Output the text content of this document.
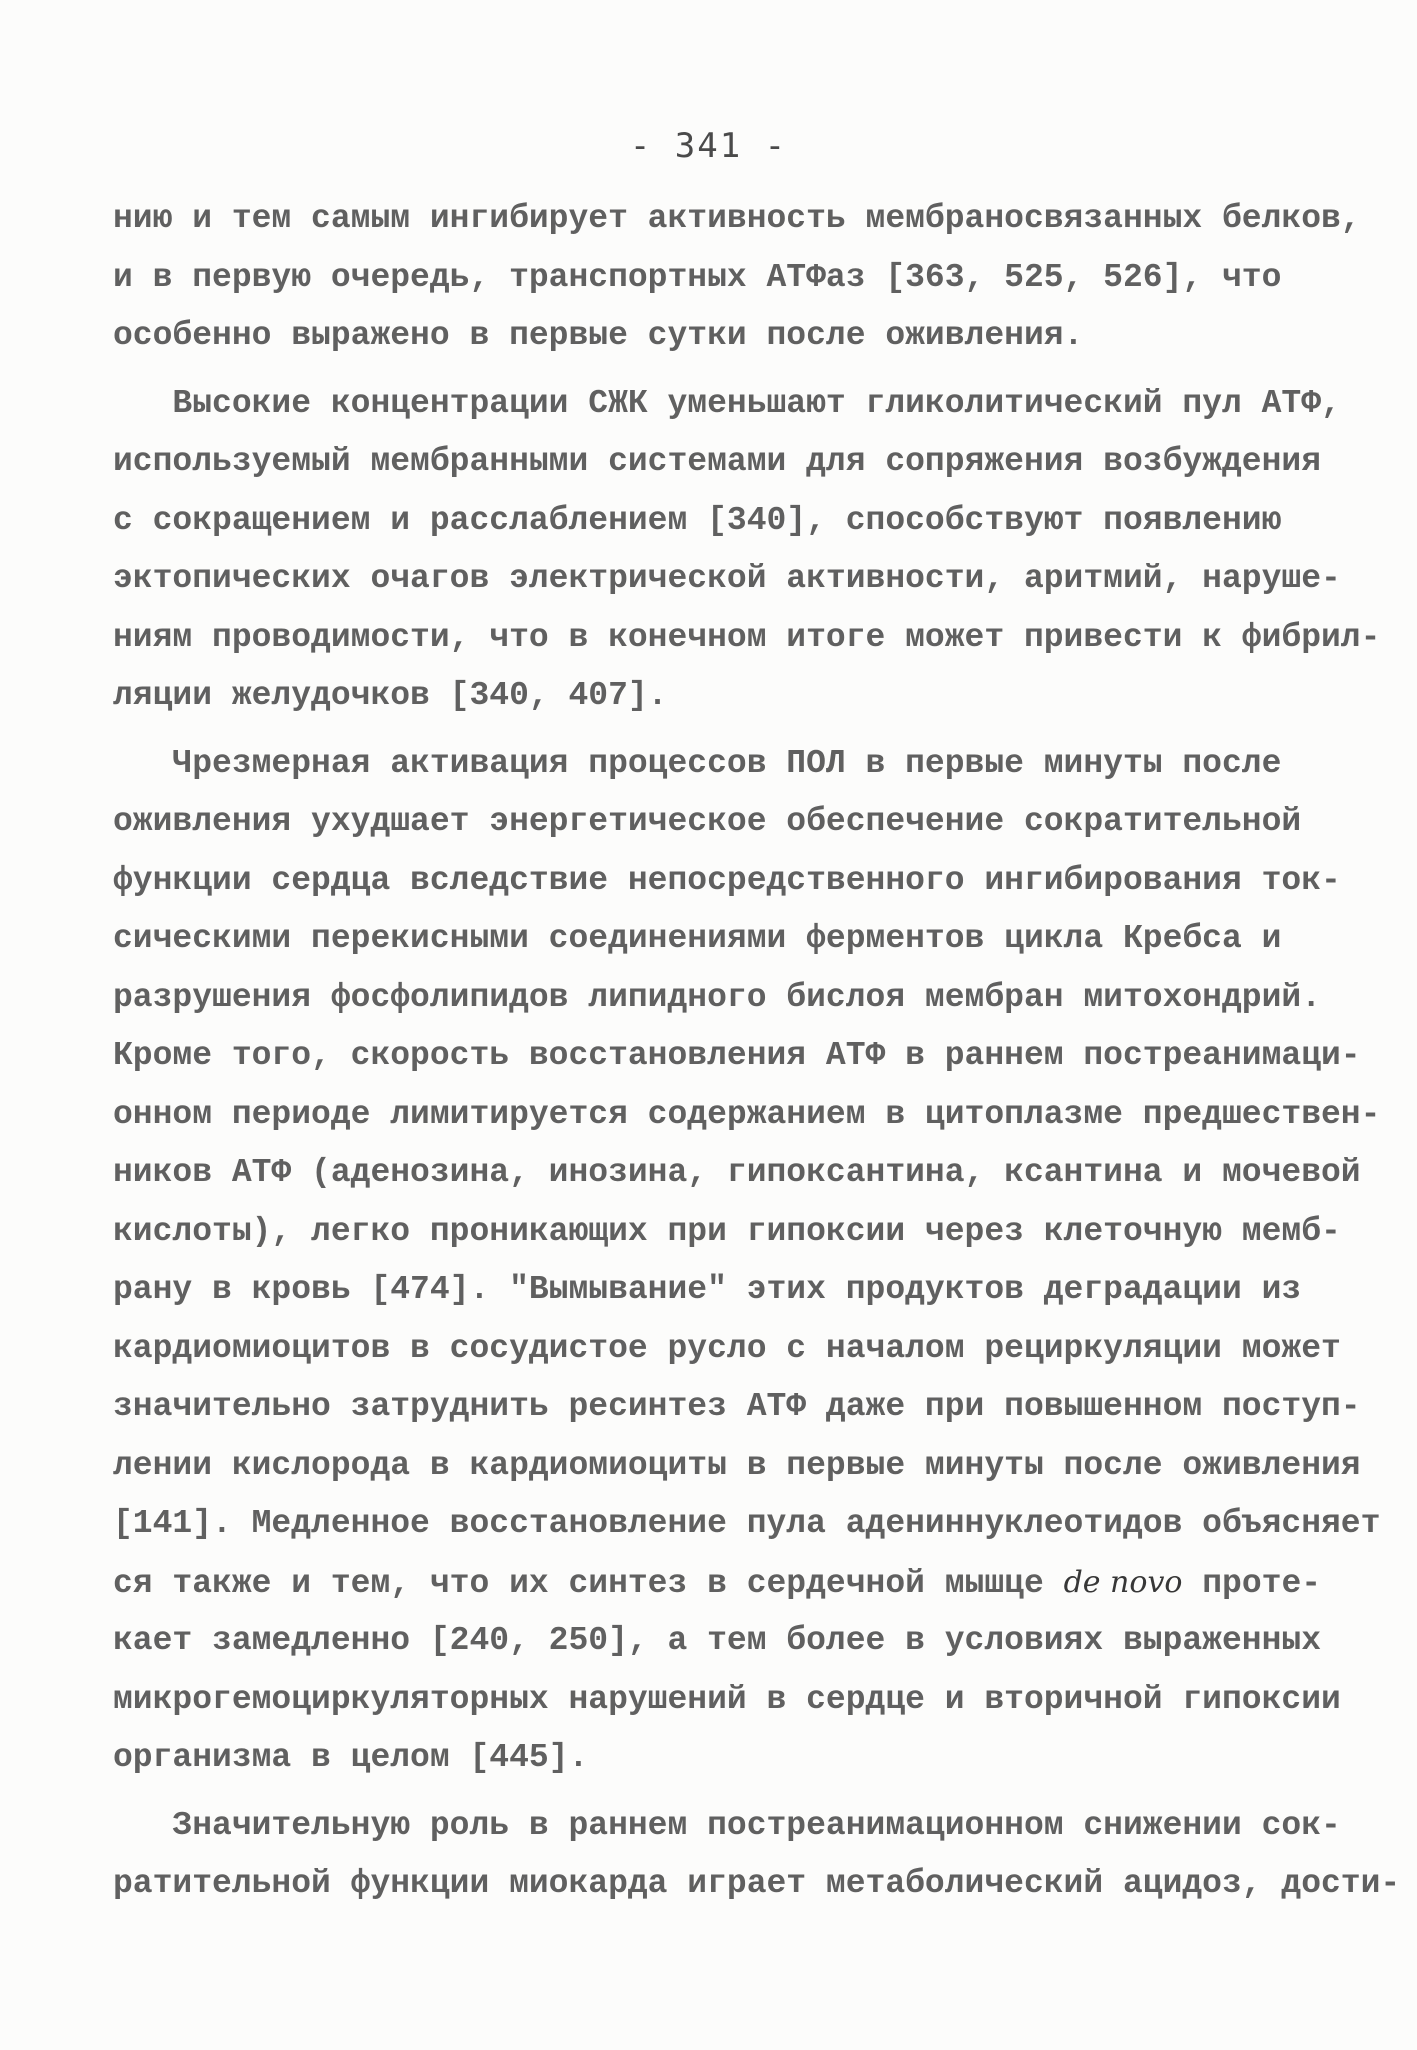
- 341 -
нию и тем самым ингибирует активность мембраносвязанных белков,
и в первую очередь, транспортных АТФаз [363, 525, 526], что
особенно выражено в первые сутки после оживления.
Высокие концентрации СЖК уменьшают гликолитический пул АТФ,
используемый мембранными системами для сопряжения возбуждения
с сокращением и расслаблением [340], способствуют появлению
эктопических очагов электрической активности, аритмий, наруше-
ниям проводимости, что в конечном итоге может привести к фибрил-
ляции желудочков [340, 407].
Чрезмерная активация процессов ПОЛ в первые минуты после
оживления ухудшает энергетическое обеспечение сократительной
функции сердца вследствие непосредственного ингибирования ток-
сическими перекисными соединениями ферментов цикла Кребса и
разрушения фосфолипидов липидного бислоя мембран митохондрий.
Кроме того, скорость восстановления АТФ в раннем постреанимаци-
онном периоде лимитируется содержанием в цитоплазме предшествен-
ников АТФ (аденозина, инозина, гипоксантина, ксантина и мочевой
кислоты), легко проникающих при гипоксии через клеточную мемб-
рану в кровь [474]. "Вымывание" этих продуктов деградации из
кардиомиоцитов в сосудистое русло с началом рециркуляции может
значительно затруднить ресинтез АТФ даже при повышенном поступ-
лении кислорода в кардиомиоциты в первые минуты после оживления
[141]. Медленное восстановление пула адениннуклеотидов объясняет
ся также и тем, что их синтез в сердечной мышце de novo проте-
кает замедленно [240, 250], а тем более в условиях выраженных
микрогемоциркуляторных нарушений в сердце и вторичной гипоксии
организма в целом [445].
Значительную роль в раннем постреанимационном снижении сок-
ратительной функции миокарда играет метаболический ацидоз, дости-
